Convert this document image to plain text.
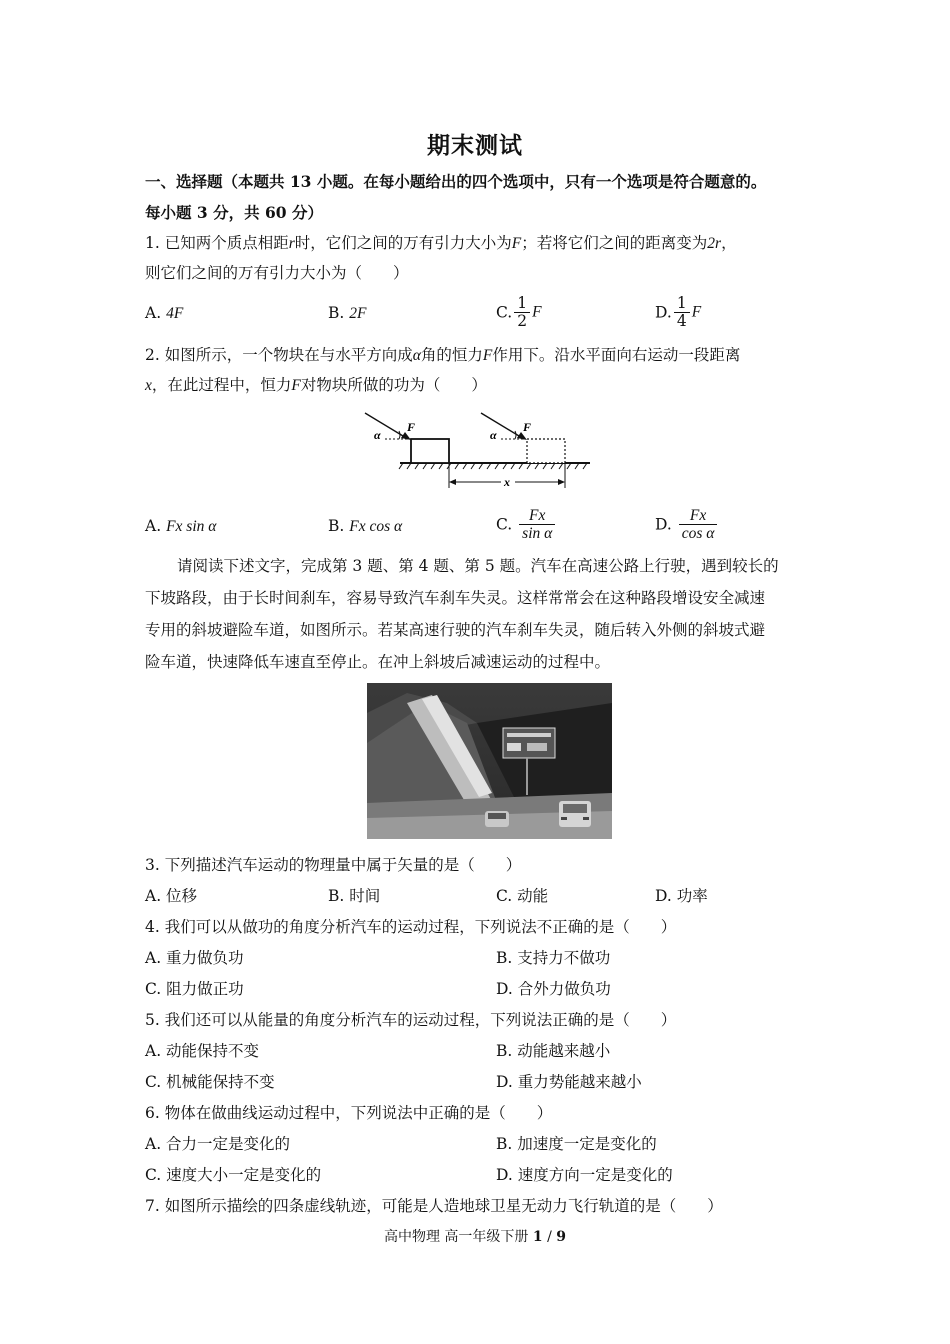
期末测试
一、选择题（本题共 13 小题。在每小题给出的四个选项中，只有一个选项是符合题意的。
每小题 3 分，共 60 分）
1. 已知两个质点相距r时，它们之间的万有引力大小为F；若将它们之间的距离变为2r，
则它们之间的万有引力大小为（　　）
A. 4F	B. 2F	C. $\frac{1}{2}$ F	D. $\frac{1}{4}$ F
2. 如图所示，一个物块在与水平方向成α角的恒力F作用下。沿水平面向右运动一段距离
x，在此过程中，恒力F对物块所做的功为（　　）
α	α
F	F
x
A. Fx sin α	B. Fx cos α	C. $\frac{Fx}{\text{sin α}}$	D. $\frac{Fx}{\text{cos α}}$
请阅读下述文字，完成第 3 题、第 4 题、第 5 题。汽车在高速公路上行驶，遇到较长的
下坡路段，由于长时间刹车，容易导致汽车刹车失灵。这样常常会在这种路段增设安全减速
专用的斜坡避险车道，如图所示。若某高速行驶的汽车刹车失灵，随后转入外侧的斜坡式避
险车道，快速降低车速直至停止。在冲上斜坡后减速运动的过程中。
3. 下列描述汽车运动的物理量中属于矢量的是（　　）
A. 位移	B. 时间	C. 动能	D. 功率
4. 我们可以从做功的角度分析汽车的运动过程，下列说法不正确的是（　　）
A. 重力做负功	B. 支持力不做功
C. 阻力做正功	D. 合外力做负功
5. 我们还可以从能量的角度分析汽车的运动过程，下列说法正确的是（　　）
A. 动能保持不变	B. 动能越来越小
C. 机械能保持不变	D. 重力势能越来越小
6. 物体在做曲线运动过程中，下列说法中正确的是（　　）
A. 合力一定是变化的	B. 加速度一定是变化的
C. 速度大小一定是变化的	D. 速度方向一定是变化的
7. 如图所示描绘的四条虚线轨迹，可能是人造地球卫星无动力飞行轨道的是（　　）
高中物理 高一年级下册 1 / 9
